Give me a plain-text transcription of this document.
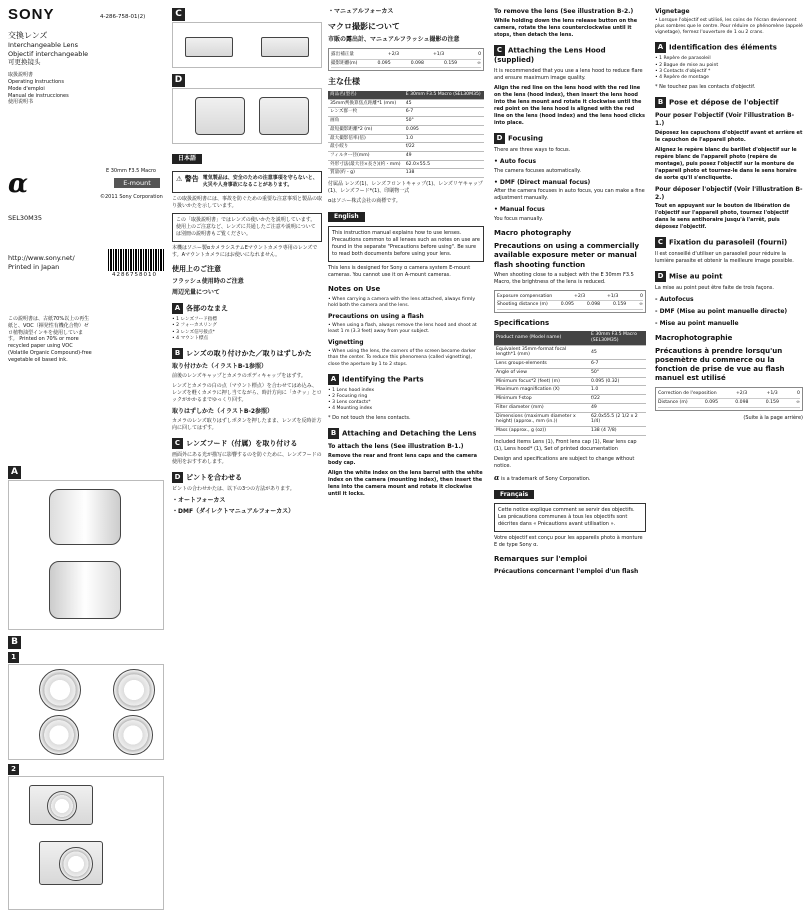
SONY	4-286-758-01(2)
交換レンズ
Interchangeable Lens
Objectif interchangeable
可更换镜头
取扱説明書
Operating Instructions
Mode d'emploi
Manual de instrucciones
使用说明书
α	E 30mm F3.5 Macro
E-mount
©2011 Sony Corporation
SEL30M35
http://www.sony.net/
Printed in Japan
4286758010
この説明書は、古紙70%以上の再生紙と、VOC（揮発性有機化合物）ゼロ植物油型インキを使用しています。 Printed on 70% or more recycled paper using VOC (Volatile Organic Compound)-free vegetable oil based ink.
A
B
1
2
C
D
日本語
⚠ 警告 電気製品は、安全のための注意事項を守らないと、火災や人身事故になることがあります。

この取扱説明書には、事故を防ぐための重要な注意事項と製品の取り扱いかたを示しています。

この「取扱説明書」ではレンズの使いかたを説明しています。使用上のご注意など、レンズに共通したご注意や説明については別冊の説明書もご覧ください。

本機はソニー製αカメラシステムEマウントカメラ専用のレンズです。Aマウントカメラにはお使いになれません。

使用上のご注意
フラッシュ使用時のご注意
周辺光量について
A 各部のなまえ
• 1 レンズフード指標
• 2 フォーカスリング
• 3 レンズ信号接点*
• 4 マウント標点
B レンズの取り付けかた／取りはずしかた
取り付けかた（イラストB-1参照）

前後のレンズキャップとカメラのボディキャップをはずす。

レンズとカメラの白の点（マウント標点）を合わせてはめ込み、レンズを軽くカメラに押し当てながら、時計方向に「カチッ」とロックがかかるまでゆっくり回す。

取りはずしかた（イラストB-2参照）

カメラのレンズ取りはずしボタンを押したまま、レンズを反時計方向に回してはずす。

C レンズフード（付属）を取り付ける

画面外にある光が描写に影響するのを防ぐために、レンズフードの使用をおすすめします。

D ピントを合わせる

ピントの合わせかたは、以下の3つの方法があります。

・オートフォーカス
・DMF（ダイレクトマニュアルフォーカス）
・マニュアルフォーカス
マクロ撮影について
市販の露出計、マニュアルフラッシュ撮影の注意
露出補正量	+2/3	+1/3	0
撮影距離(m)	0.095	0.098	0.159	∞
主な仕様
商品名(型名)	E 30mm F3.5 Macro (SEL30M35)
35mm判換算焦点距離*1 (mm)	45
レンズ群一枚	6-7
画角	50°
最短撮影距離*2 (m)	0.095
最大撮影倍率(倍)	1.0
最小絞り	f/22
フィルター径(mm)	49
外形寸法(最大径×長さ)(約・mm)	62.0×55.5
質量(約・g)	138

付属品 レンズ(1)、レンズフロントキャップ(1)、レンズリヤキャップ(1)、レンズフード*(1)、印刷物一式

αはソニー株式会社の商標です。

English

This instruction manual explains how to use lenses. Precautions common to all lenses such as notes on use are found in the separate "Precautions before using". Be sure to read both documents before using your lens.

This lens is designed for Sony α camera system E-mount cameras. You cannot use it on A-mount cameras.

Notes on Use
• When carrying a camera with the lens attached, always firmly hold both the camera and the lens.
Precautions on using a flash
• When using a flash, always remove the lens hood and shoot at least 1 m (3.3 feet) away from your subject.
Vignetting
• When using the lens, the corners of the screen become darker than the center. To reduce this phenomena (called vignetting), close the aperture by 1 to 2 stops.
A Identifying the Parts
• 1 Lens hood index
• 2 Focusing ring
• 3 Lens contacts*
• 4 Mounting index

* Do not touch the lens contacts.

B Attaching and Detaching the Lens
To attach the lens (See illustration B-1.)

Remove the rear and front lens caps and the camera body cap.

Align the white index on the lens barrel with the white index on the camera (mounting index), then insert the lens into the camera mount and rotate it clockwise until it locks.

To remove the lens (See illustration B-2.)

While holding down the lens release button on the camera, rotate the lens counterclockwise until it stops, then detach the lens.

C Attaching the Lens Hood (supplied)

It is recommended that you use a lens hood to reduce flare and ensure maximum image quality.

Align the red line on the lens hood with the red line on the lens (hood index), then insert the lens hood into the lens mount and rotate it clockwise until the red point on the lens hood is aligned with the red line on the lens (hood index) and the lens hood clicks into place.

D Focusing

There are three ways to focus.

• Auto focus

The camera focuses automatically.

• DMF (Direct manual focus)

After the camera focuses in auto focus, you can make a fine adjustment manually.

• Manual focus

You focus manually.

Macro photography
Precautions on using a commercially available exposure meter or manual flash shooting function

When shooting close to a subject with the E 30mm F3.5 Macro, the brightness of the lens is reduced.

Exposure compensation	+2/3	+1/3	0
Shooting distance (m)	0.095	0.098	0.159	∞
Specifications
Product name (Model name)	E 30mm F3.5 Macro (SEL30M35)
Equivalent 35mm-format focal length*1 (mm)	45
Lens groups-elements	6-7
Angle of view	50°
Minimum focus*2 (feet) (m)	0.095 (0.32)
Maximum magnification (X)	1.0
Minimum f-stop	f/22
Filter diameter (mm)	49
Dimensions (maximum diameter x height) (approx., mm (in.))	62.0x55.5 (2 1/2 x 2 1/4)
Mass (approx., g (oz))	138 (4 7/8)

Included items Lens (1), Front lens cap (1), Rear lens cap (1), Lens hood* (1), Set of printed documentation

Design and specifications are subject to change without notice.

α is a trademark of Sony Corporation.

Français

Cette notice explique comment se servir des objectifs. Les précautions communes à tous les objectifs sont décrites dans « Précautions avant utilisation ».

Votre objectif est conçu pour les appareils photo à monture E de type Sony α.

Remarques sur l'emploi
Précautions concernant l'emploi d'un flash
Vignetage
• Lorsque l'objectif est utilisé, les coins de l'écran deviennent plus sombres que le centre. Pour réduire ce phénomène (appelé vignetage), fermez l'ouverture de 1 ou 2 crans.
A Identification des éléments
• 1 Repère de parasoleil
• 2 Bague de mise au point
• 3 Contacts d'objectif *
• 4 Repère de montage

* Ne touchez pas les contacts d'objectif.

B Pose et dépose de l'objectif
Pour poser l'objectif (Voir l'illustration B-1.)

Déposez les capuchons d'objectif avant et arrière et le capuchon de l'appareil photo.

Alignez le repère blanc du barillet d'objectif sur le repère blanc de l'appareil photo (repère de montage), puis posez l'objectif sur la monture de l'appareil photo et tournez-le dans le sens horaire de sorte qu'il s'encliquette.

Pour déposer l'objectif (Voir l'illustration B-2.)

Tout en appuyant sur le bouton de libération de l'objectif sur l'appareil photo, tournez l'objectif dans le sens antihoraire jusqu'à l'arrêt, puis déposez l'objectif.

C Fixation du parasoleil (fourni)

Il est conseillé d'utiliser un parasoleil pour réduire la lumière parasite et obtenir la meilleure image possible.

D Mise au point

La mise au point peut être faite de trois façons.

- Autofocus
- DMF (Mise au point manuelle directe)
- Mise au point manuelle
Macrophotographie
Précautions à prendre lorsqu'un posemètre du commerce ou la fonction de prise de vue au flash manuel est utilisé
Correction de l'exposition	+2/3	+1/3	0
Distance (m)	0.095	0.098	0.159	∞

(Suite à la page arrière)
